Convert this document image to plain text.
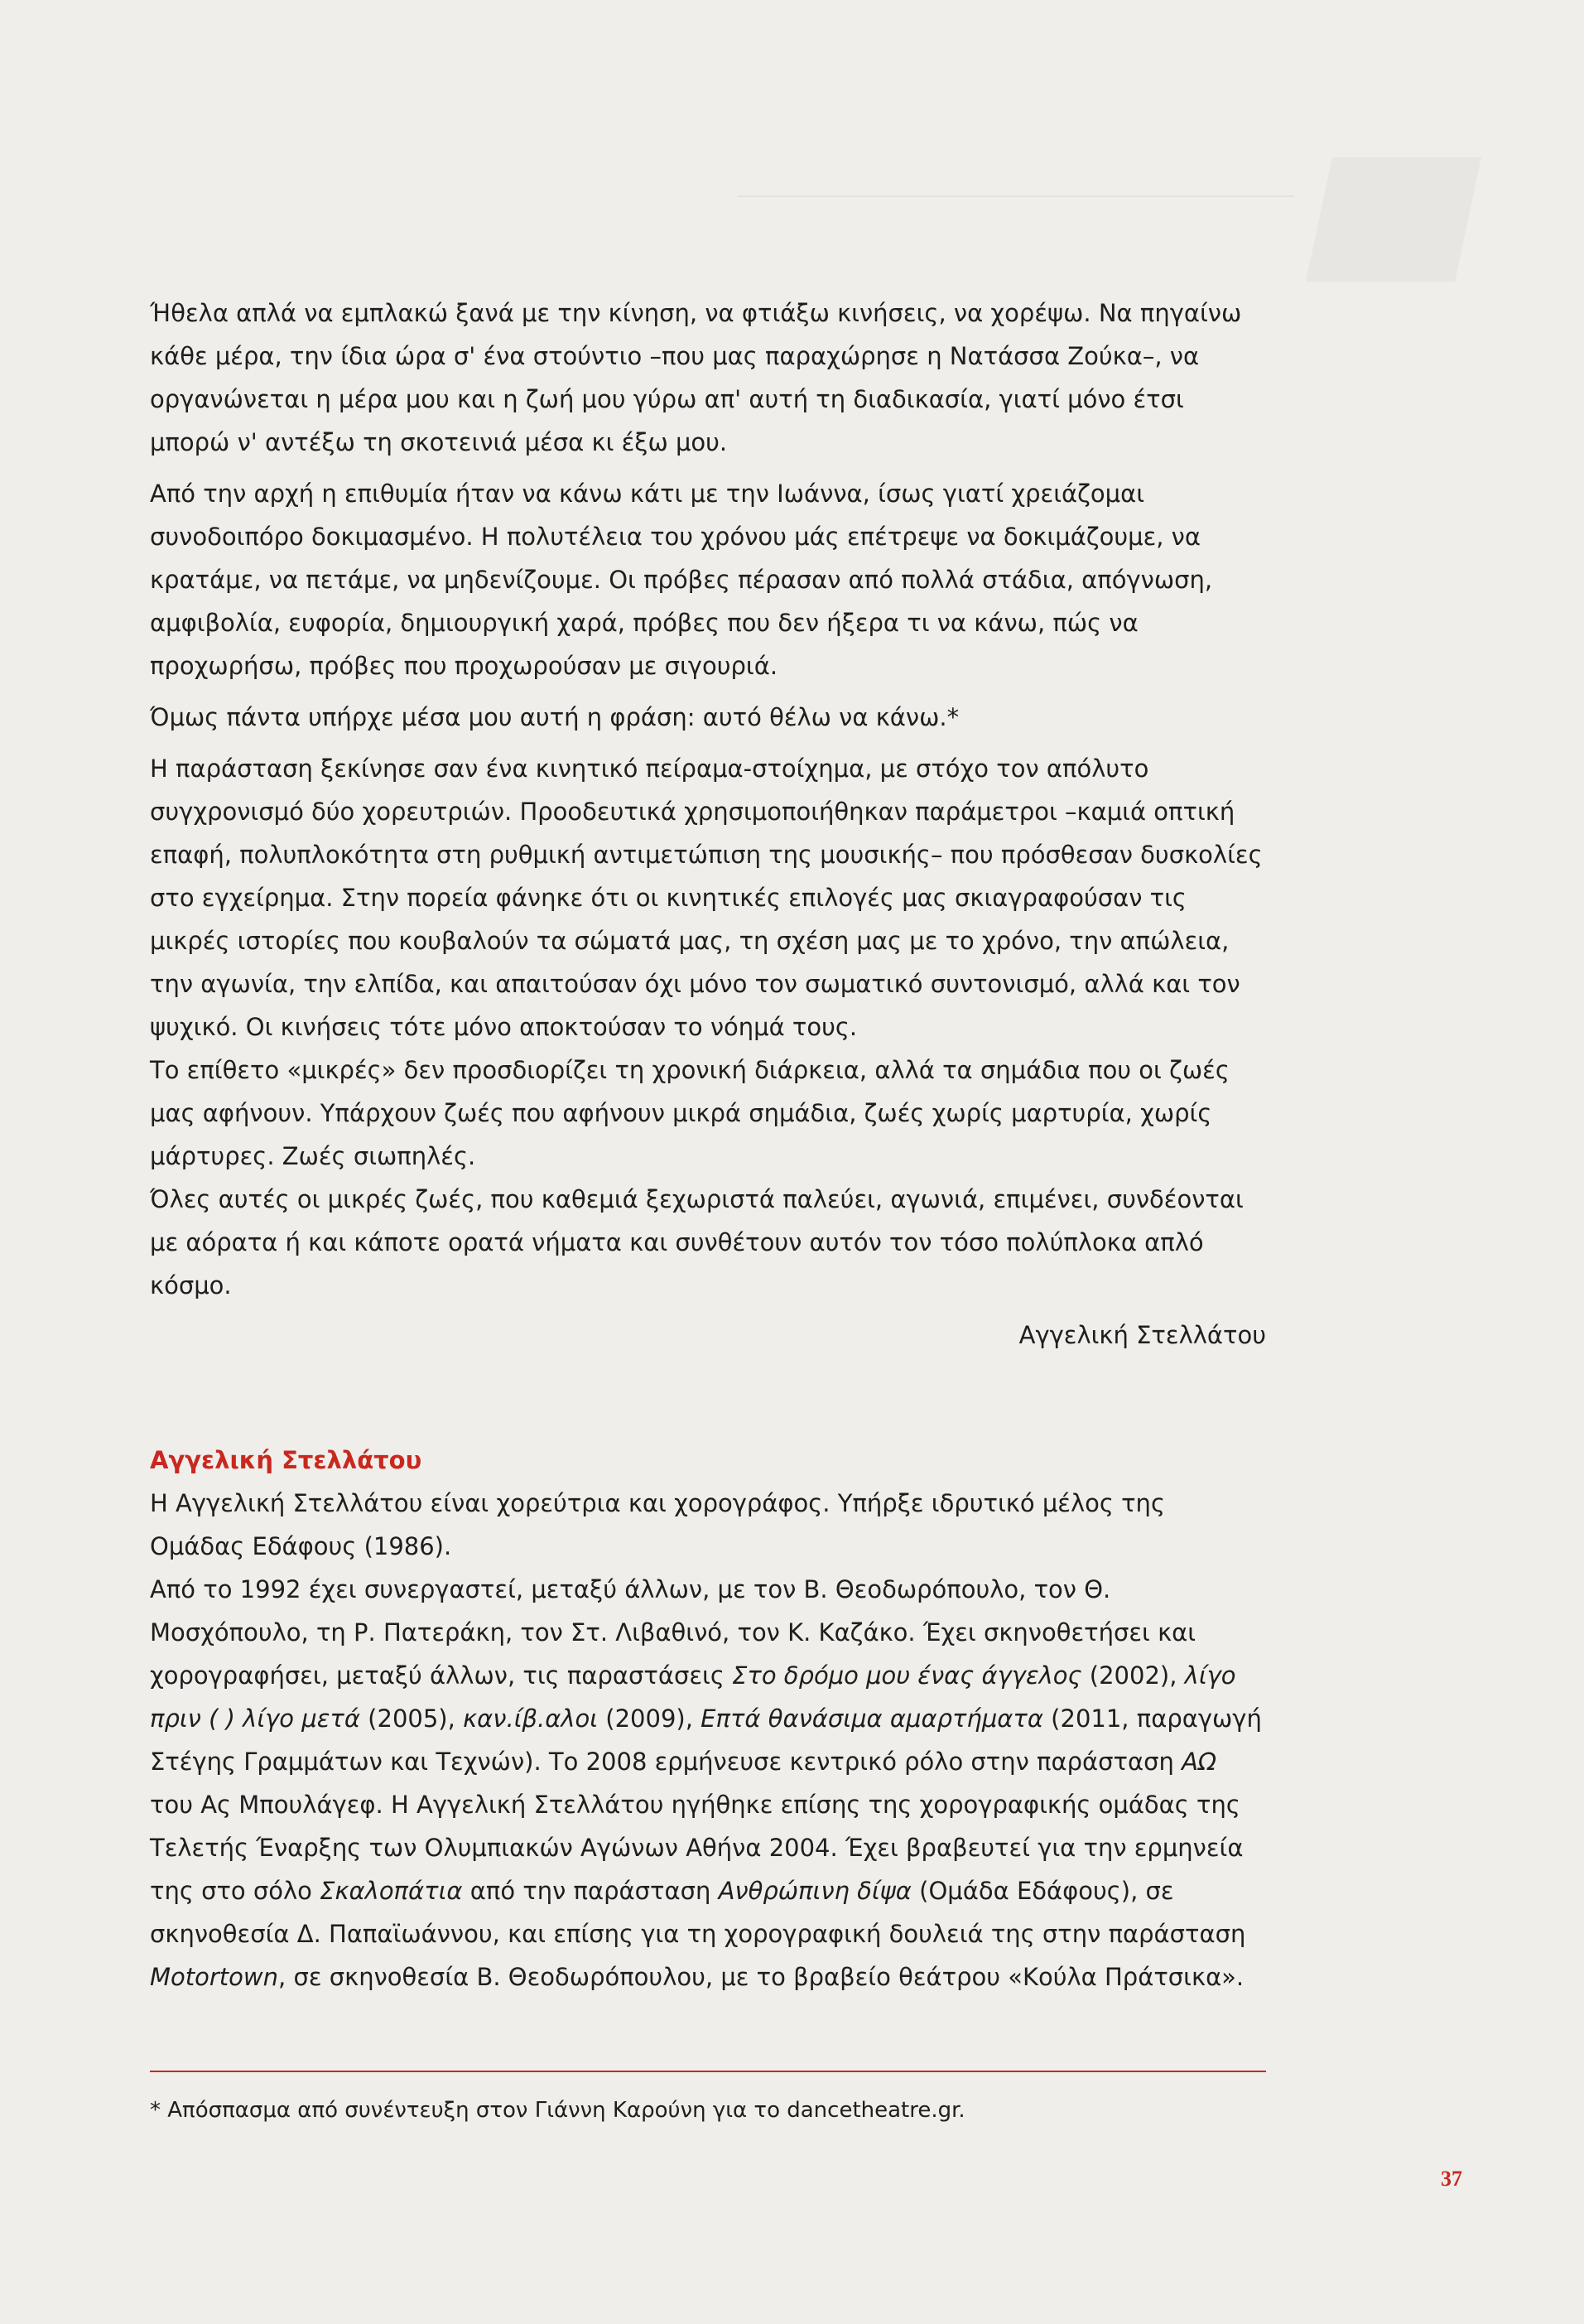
Ήθελα απλά να εμπλακώ ξανά με την κίνηση, να φτιάξω κινήσεις, να χορέψω. Να πηγαίνω κάθε μέρα, την ίδια ώρα σ' ένα στούντιο –που μας παραχώρησε η Νατάσσα Ζούκα–, να οργανώνεται η μέρα μου και η ζωή μου γύρω απ' αυτή τη διαδικασία, γιατί μόνο έτσι μπορώ ν' αντέξω τη σκοτεινιά μέσα κι έξω μου.

Από την αρχή η επιθυμία ήταν να κάνω κάτι με την Ιωάννα, ίσως γιατί χρειάζομαι συνοδοιπόρο δοκιμασμένο. Η πολυτέλεια του χρόνου μάς επέτρεψε να δοκιμάζουμε, να κρατάμε, να πετάμε, να μηδενίζουμε. Οι πρόβες πέρασαν από πολλά στάδια, απόγνωση, αμφιβολία, ευφορία, δημιουργική χαρά, πρόβες που δεν ήξερα τι να κάνω, πώς να προχωρήσω, πρόβες που προχωρούσαν με σιγουριά.

Όμως πάντα υπήρχε μέσα μου αυτή η φράση: αυτό θέλω να κάνω.*

Η παράσταση ξεκίνησε σαν ένα κινητικό πείραμα-στοίχημα, με στόχο τον απόλυτο συγχρονισμό δύο χορευτριών. Προοδευτικά χρησιμοποιήθηκαν παράμετροι –καμιά οπτική επαφή, πολυπλοκότητα στη ρυθμική αντιμετώπιση της μουσικής– που πρόσθεσαν δυσκολίες στο εγχείρημα. Στην πορεία φάνηκε ότι οι κινητικές επιλογές μας σκιαγραφούσαν τις μικρές ιστορίες που κουβαλούν τα σώματά μας, τη σχέση μας με το χρόνο, την απώλεια, την αγωνία, την ελπίδα, και απαιτούσαν όχι μόνο τον σωματικό συντονισμό, αλλά και τον ψυχικό. Οι κινήσεις τότε μόνο αποκτούσαν το νόημά τους.

Το επίθετο «μικρές» δεν προσδιορίζει τη χρονική διάρκεια, αλλά τα σημάδια που οι ζωές μας αφήνουν. Υπάρχουν ζωές που αφήνουν μικρά σημάδια, ζωές χωρίς μαρτυρία, χωρίς μάρτυρες. Ζωές σιωπηλές.

Όλες αυτές οι μικρές ζωές, που καθεμιά ξεχωριστά παλεύει, αγωνιά, επιμένει, συνδέονται με αόρατα ή και κάποτε ορατά νήματα και συνθέτουν αυτόν τον τόσο πολύπλοκα απλό κόσμο.

Αγγελική Στελλάτου

Αγγελική Στελλάτου

Η Αγγελική Στελλάτου είναι χορεύτρια και χορογράφος. Υπήρξε ιδρυτικό μέλος της Ομάδας Εδάφους (1986).

Από το 1992 έχει συνεργαστεί, μεταξύ άλλων, με τον Β. Θεοδωρόπουλο, τον Θ. Μοσχόπουλο, τη Ρ. Πατεράκη, τον Στ. Λιβαθινό, τον Κ. Καζάκο. Έχει σκηνοθετήσει και χορογραφήσει, μεταξύ άλλων, τις παραστάσεις Στο δρόμο μου ένας άγγελος (2002), λίγο πριν ( ) λίγο μετά (2005), καν.ίβ.αλοι (2009), Επτά θανάσιμα αμαρτήματα (2011, παραγωγή Στέγης Γραμμάτων και Τεχνών). Το 2008 ερμήνευσε κεντρικό ρόλο στην παράσταση ΑΩ του Ας Μπουλάγεφ. Η Αγγελική Στελλάτου ηγήθηκε επίσης της χορογραφικής ομάδας της Τελετής Έναρξης των Ολυμπιακών Αγώνων Αθήνα 2004. Έχει βραβευτεί για την ερμηνεία της στο σόλο Σκαλοπάτια από την παράσταση Ανθρώπινη δίψα (Ομάδα Εδάφους), σε σκηνοθεσία Δ. Παπαϊωάννου, και επίσης για τη χορογραφική δουλειά της στην παράσταση Motortown, σε σκηνοθεσία Β. Θεοδωρόπουλου, με το βραβείο θεάτρου «Κούλα Πράτσικα».

* Απόσπασμα από συνέντευξη στον Γιάννη Καρούνη για το dancetheatre.gr.
37
